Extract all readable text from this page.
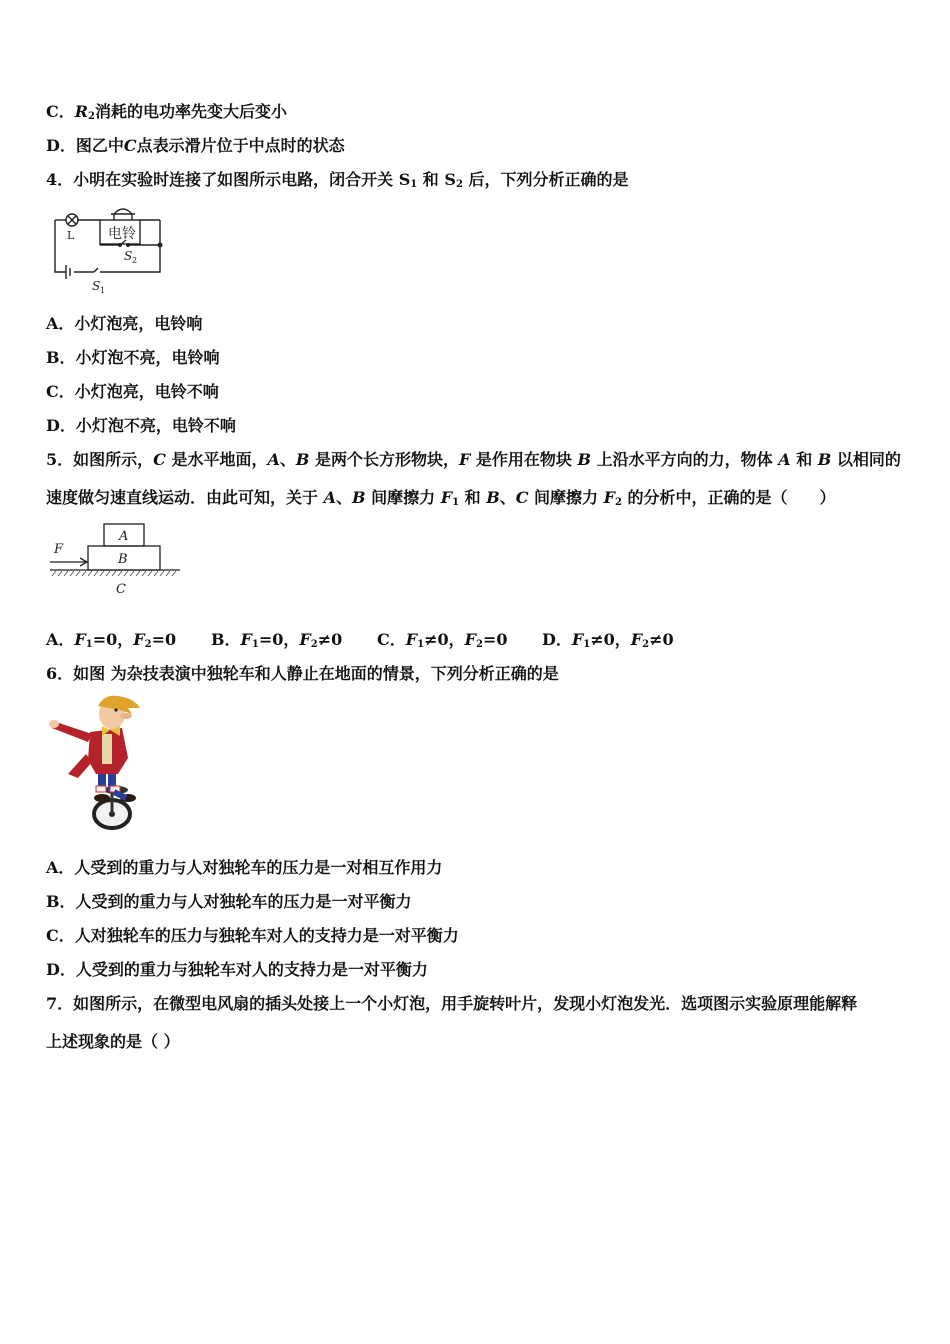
C．$R_2$消耗的电功率先变大后变小
D．图乙中C点表示滑片位于中点时的状态
4．小明在实验时连接了如图所示电路，闭合开关 $S_1$ 和 $S_2$ 后，下列分析正确的是
L 电铃
S 2
S 1
A．小灯泡亮，电铃响
B．小灯泡不亮，电铃响
C．小灯泡亮，电铃不响
D．小灯泡不亮，电铃不响
5．如图所示，C 是水平地面，A、B 是两个长方形物块，F 是作用在物块 B 上沿水平方向的力，物体 A 和 B 以相同的
速度做匀速直线运动．由此可知，关于 A、B 间摩擦力 $F_1$ 和 B、C 间摩擦力 $F_2$ 的分析中，正确的是（　　）
A
B
F
C
A．$F_1=0$，$F_2=0$ B．$F_1=0$，$F_2\ne 0$ C．$F_1\ne 0$，$F_2=0$ D．$F_1\ne 0$，$F_2\ne 0$
6．如图 为杂技表演中独轮车和人静止在地面的情景，下列分析正确的是
A．人受到的重力与人对独轮车的压力是一对相互作用力
B．人受到的重力与人对独轮车的压力是一对平衡力
C．人对独轮车的压力与独轮车对人的支持力是一对平衡力
D．人受到的重力与独轮车对人的支持力是一对平衡力
7．如图所示，在微型电风扇的插头处接上一个小灯泡，用手旋转叶片，发现小灯泡发光．选项图示实验原理能解释
上述现象的是（ ）
